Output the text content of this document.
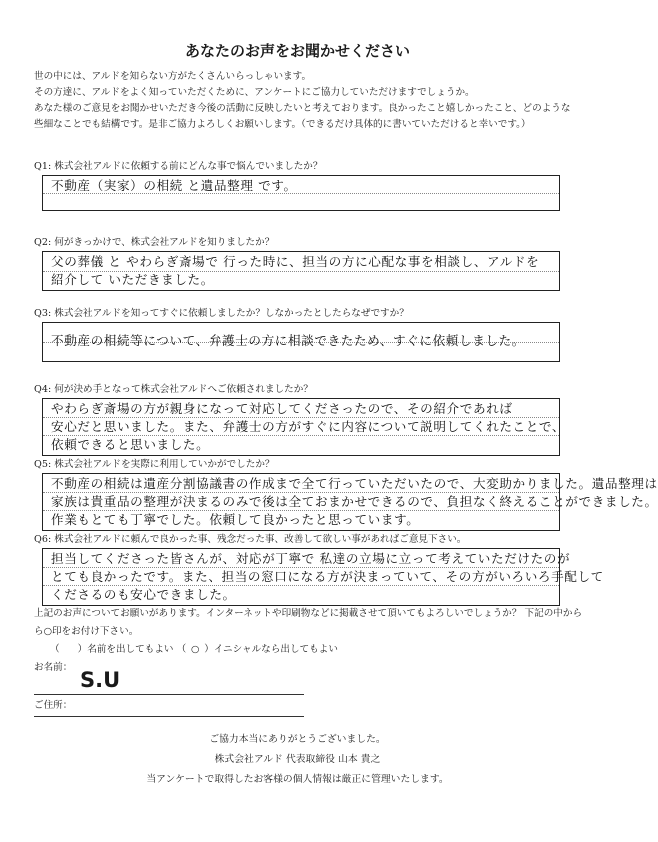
あなたのお声をお聞かせください
世の中には、アルドを知らない方がたくさんいらっしゃいます。
その方達に、アルドをよく知っていただくために、アンケートにご協力していただけますでしょうか。
あなた様のご意見をお聞かせいただき今後の活動に反映したいと考えております。良かったこと嬉しかったこと、どのような
些細なことでも結構です。是非ご協力よろしくお願いします。（できるだけ具体的に書いていただけると幸いです。）
Q1: 株式会社アルドに依頼する前にどんな事で悩んでいましたか？
不動産（実家）の相続 と遺品整理 です。
Q2: 何がきっかけで、株式会社アルドを知りましたか？
父の葬儀 と やわらぎ斎場で 行った時に、担当の方に心配な事を相談し、アルドを
紹介して いただきました。
Q3: 株式会社アルドを知ってすぐに依頼しましたか？しなかったとしたらなぜですか？
不動産の相続等について、弁護士の方に相談できたため、すぐに依頼しました。
Q4: 何が決め手となって株式会社アルドへご依頼されましたか？
やわらぎ斎場の方が親身になって対応してくださったので、その紹介であれば
安心だと思いました。また、弁護士の方がすぐに内容について説明してくれたことで、
依頼できると思いました。
Q5: 株式会社アルドを実際に利用していかがでしたか？
不動産の相続は遺産分割協議書の作成まで全て行っていただいたので、大変助かりました。遺品整理は
家族は貴重品の整理が決まるのみで後は全ておまかせできるので、負担なく終えることができました。
作業もとても丁寧でした。依頼して良かったと思っています。
Q6: 株式会社アルドに頼んで良かった事、残念だった事、改善して欲しい事があればご意見下さい。
担当してくださった皆さんが、対応が丁寧で 私達の立場に立って考えていただけたのが
とても良かったです。また、担当の窓口になる方が決まっていて、その方がいろいろ手配して
くださるのも安心できました。
上記のお声についてお願いがあります。インターネットや印刷物などに掲載させて頂いてもよろしいでしょうか？ 下記の中から
ら○印をお付け下さい。
（ ）名前を出してもよい （ ○ ）イニシャルなら出してもよい
お名前：
S.U
ご住所：
ご協力本当にありがとうございました。
株式会社アルド 代表取締役 山本 貴之
当アンケートで取得したお客様の個人情報は厳正に管理いたします。
